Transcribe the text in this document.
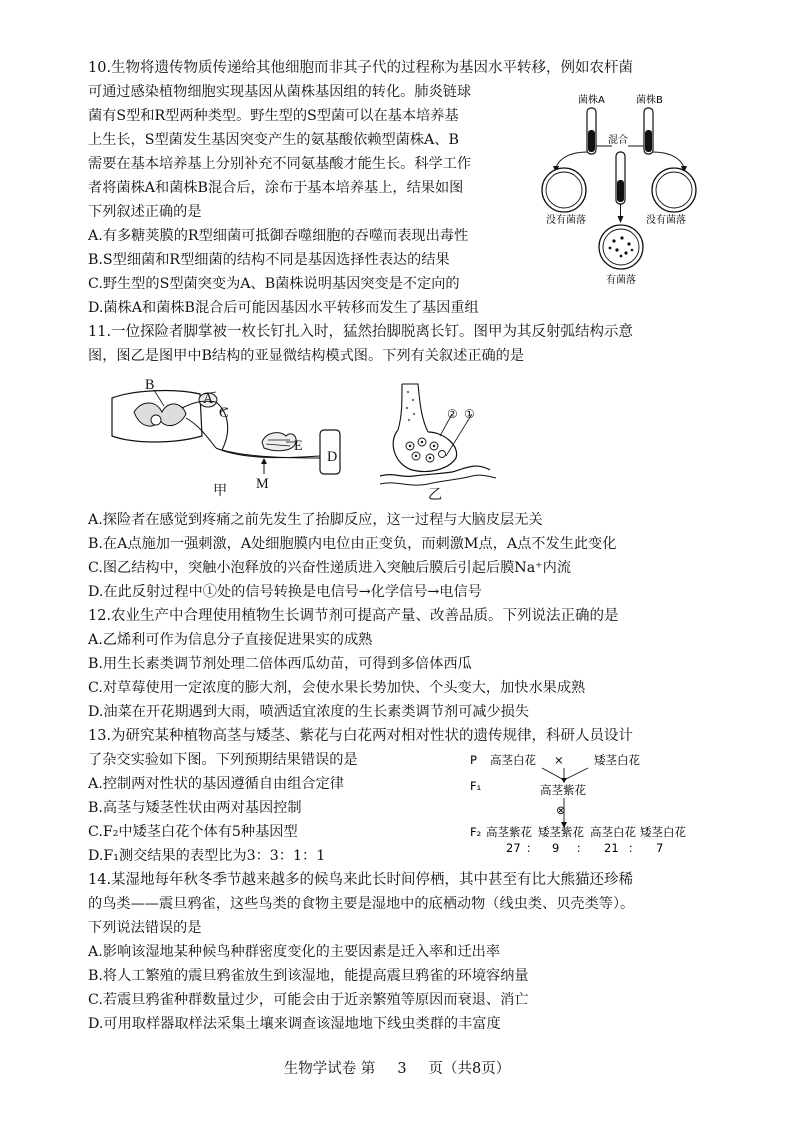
10.生物将遗传物质传递给其他细胞而非其子代的过程称为基因水平转移，例如农杆菌
可通过感染植物细胞实现基因从菌株基因组的转化。肺炎链球
菌有S型和R型两种类型。野生型的S型菌可以在基本培养基
上生长，S型菌发生基因突变产生的氨基酸依赖型菌株A、B
需要在基本培养基上分别补充不同氨基酸才能生长。科学工作
者将菌株A和菌株B混合后，涂布于基本培养基上，结果如图
下列叙述正确的是
A.有多糖荚膜的R型细菌可抵御吞噬细胞的吞噬而表现出毒性
B.S型细菌和R型细菌的结构不同是基因选择性表达的结果
C.野生型的S型菌突变为A、B菌株说明基因突变是不定向的
D.菌株A和菌株B混合后可能因基因水平转移而发生了基因重组
菌株A	菌株B
混合
没有菌落	没有菌落
有菌落
11.一位探险者脚掌被一枚长钉扎入时，猛然抬脚脱离长钉。图甲为其反射弧结构示意
图，图乙是图甲中B结构的亚显微结构模式图。下列有关叙述正确的是
B
A
C
E
D
M
甲
② ①
乙
A.探险者在感觉到疼痛之前先发生了抬脚反应，这一过程与大脑皮层无关
B.在A点施加一强刺激，A处细胞膜内电位由正变负，而刺激M点，A点不发生此变化
C.图乙结构中，突触小泡释放的兴奋性递质进入突触后膜后引起后膜Na⁺内流
D.在此反射过程中①处的信号转换是电信号→化学信号→电信号
12.农业生产中合理使用植物生长调节剂可提高产量、改善品质。下列说法正确的是
A.乙烯利可作为信息分子直接促进果实的成熟
B.用生长素类调节剂处理二倍体西瓜幼苗，可得到多倍体西瓜
C.对草莓使用一定浓度的膨大剂，会使水果长势加快、个头变大，加快水果成熟
D.油菜在开花期遇到大雨，喷洒适宜浓度的生长素类调节剂可减少损失
13.为研究某种植物高茎与矮茎、紫花与白花两对相对性状的遗传规律，科研人员设计
了杂交实验如下图。下列预期结果错误的是
A.控制两对性状的基因遵循自由组合定律
B.高茎与矮茎性状由两对基因控制
C.F₂中矮茎白花个体有5种基因型
D.F₁测交结果的表型比为3：3：1：1
P 高茎白花 ×	矮茎白花
F₁	高茎紫花
⊗
F₂ 高茎紫花 矮茎紫花 高茎白花 矮茎白花
27 ： 9 ： 21 ： 7
14.某湿地每年秋冬季节越来越多的候鸟来此长时间停栖，其中甚至有比大熊猫还珍稀
的鸟类——震旦鸦雀，这些鸟类的食物主要是湿地中的底栖动物（线虫类、贝壳类等）。
下列说法错误的是
A.影响该湿地某种候鸟种群密度变化的主要因素是迁入率和迁出率
B.将人工繁殖的震旦鸦雀放生到该湿地，能提高震旦鸦雀的环境容纳量
C.若震旦鸦雀种群数量过少，可能会由于近亲繁殖等原因而衰退、消亡
D.可用取样器取样法采集土壤来调查该湿地地下线虫类群的丰富度
生物学试卷 第 3 页（共8页）
